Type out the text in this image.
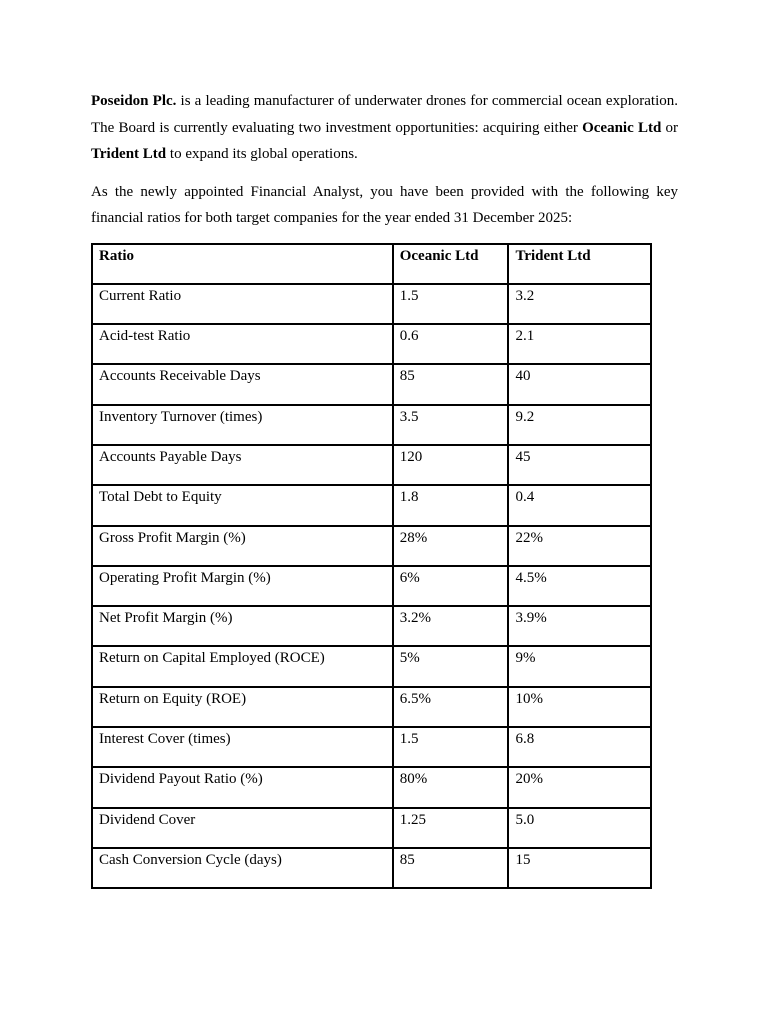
Poseidon Plc. is a leading manufacturer of underwater drones for commercial ocean exploration. The Board is currently evaluating two investment opportunities: acquiring either Oceanic Ltd or Trident Ltd to expand its global operations.

As the newly appointed Financial Analyst, you have been provided with the following key financial ratios for both target companies for the year ended 31 December 2025:

Ratio	Oceanic Ltd	Trident Ltd
Current Ratio	1.5	3.2
Acid-test Ratio	0.6	2.1
Accounts Receivable Days	85	40
Inventory Turnover (times)	3.5	9.2
Accounts Payable Days	120	45
Total Debt to Equity	1.8	0.4
Gross Profit Margin (%)	28%	22%
Operating Profit Margin (%)	6%	4.5%
Net Profit Margin (%)	3.2%	3.9%
Return on Capital Employed (ROCE)	5%	9%
Return on Equity (ROE)	6.5%	10%
Interest Cover (times)	1.5	6.8
Dividend Payout Ratio (%)	80%	20%
Dividend Cover	1.25	5.0
Cash Conversion Cycle (days)	85	15
